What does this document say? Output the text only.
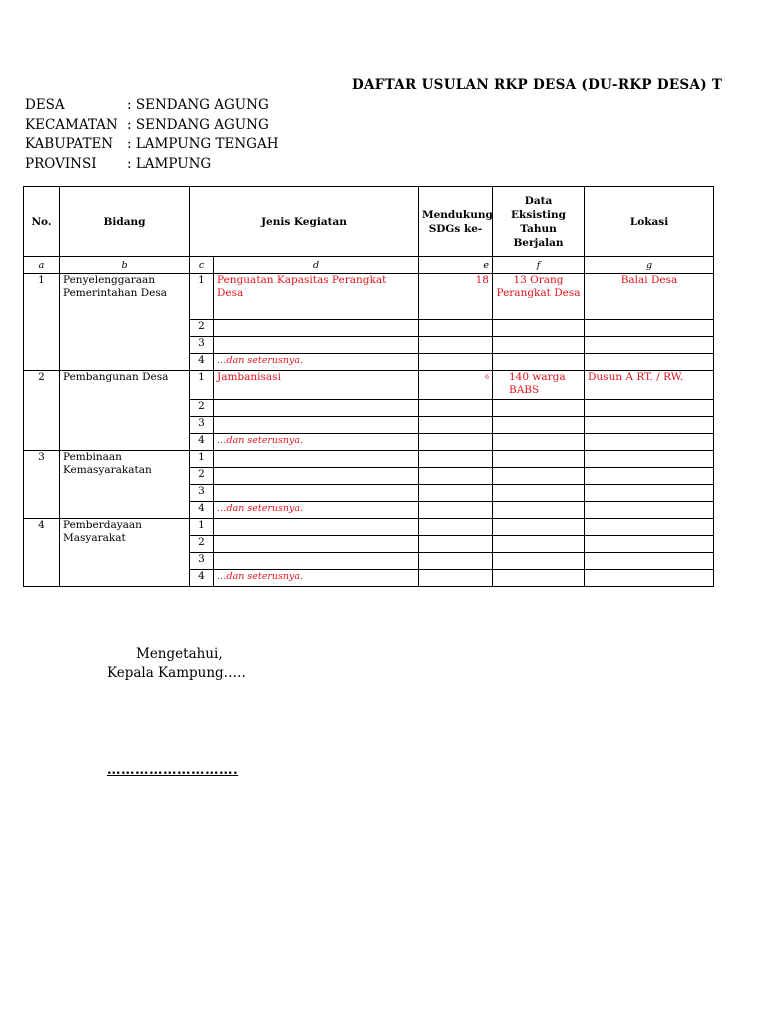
DAFTAR USULAN RKP DESA (DU-RKP DESA) T
DESA	: SENDANG AGUNG
KECAMATAN : SENDANG AGUNG
KABUPATEN	: LAMPUNG TENGAH
PROVINSI	: LAMPUNG
No.	Bidang	Jenis Kegiatan		Mendukung SDGs ke-	Data Eksisting Tahun Berjalan	Lokasi
a	b	c	d	e	f	g
1	Penyelenggaraan Pemerintahan Desa	1	Penguatan Kapasitas Perangkat Desa	18	13 Orang Perangkat Desa	Balai Desa
		2				
		3				
		4	…dan seterusnya.			
2	Pembangunan Desa	1	Jambanisasi	6	140 warga BABS	Dusun A RT. / RW.
		2				
		3				
		4	…dan seterusnya.			
3	Pembinaan Kemasyarakatan	1				
		2				
		3				
		4	…dan seterusnya.			
4	Pemberdayaan Masyarakat	1				
		2				
		3				
		4	…dan seterusnya.			
Mengetahui,
Kepala Kampung…..
……………………….
